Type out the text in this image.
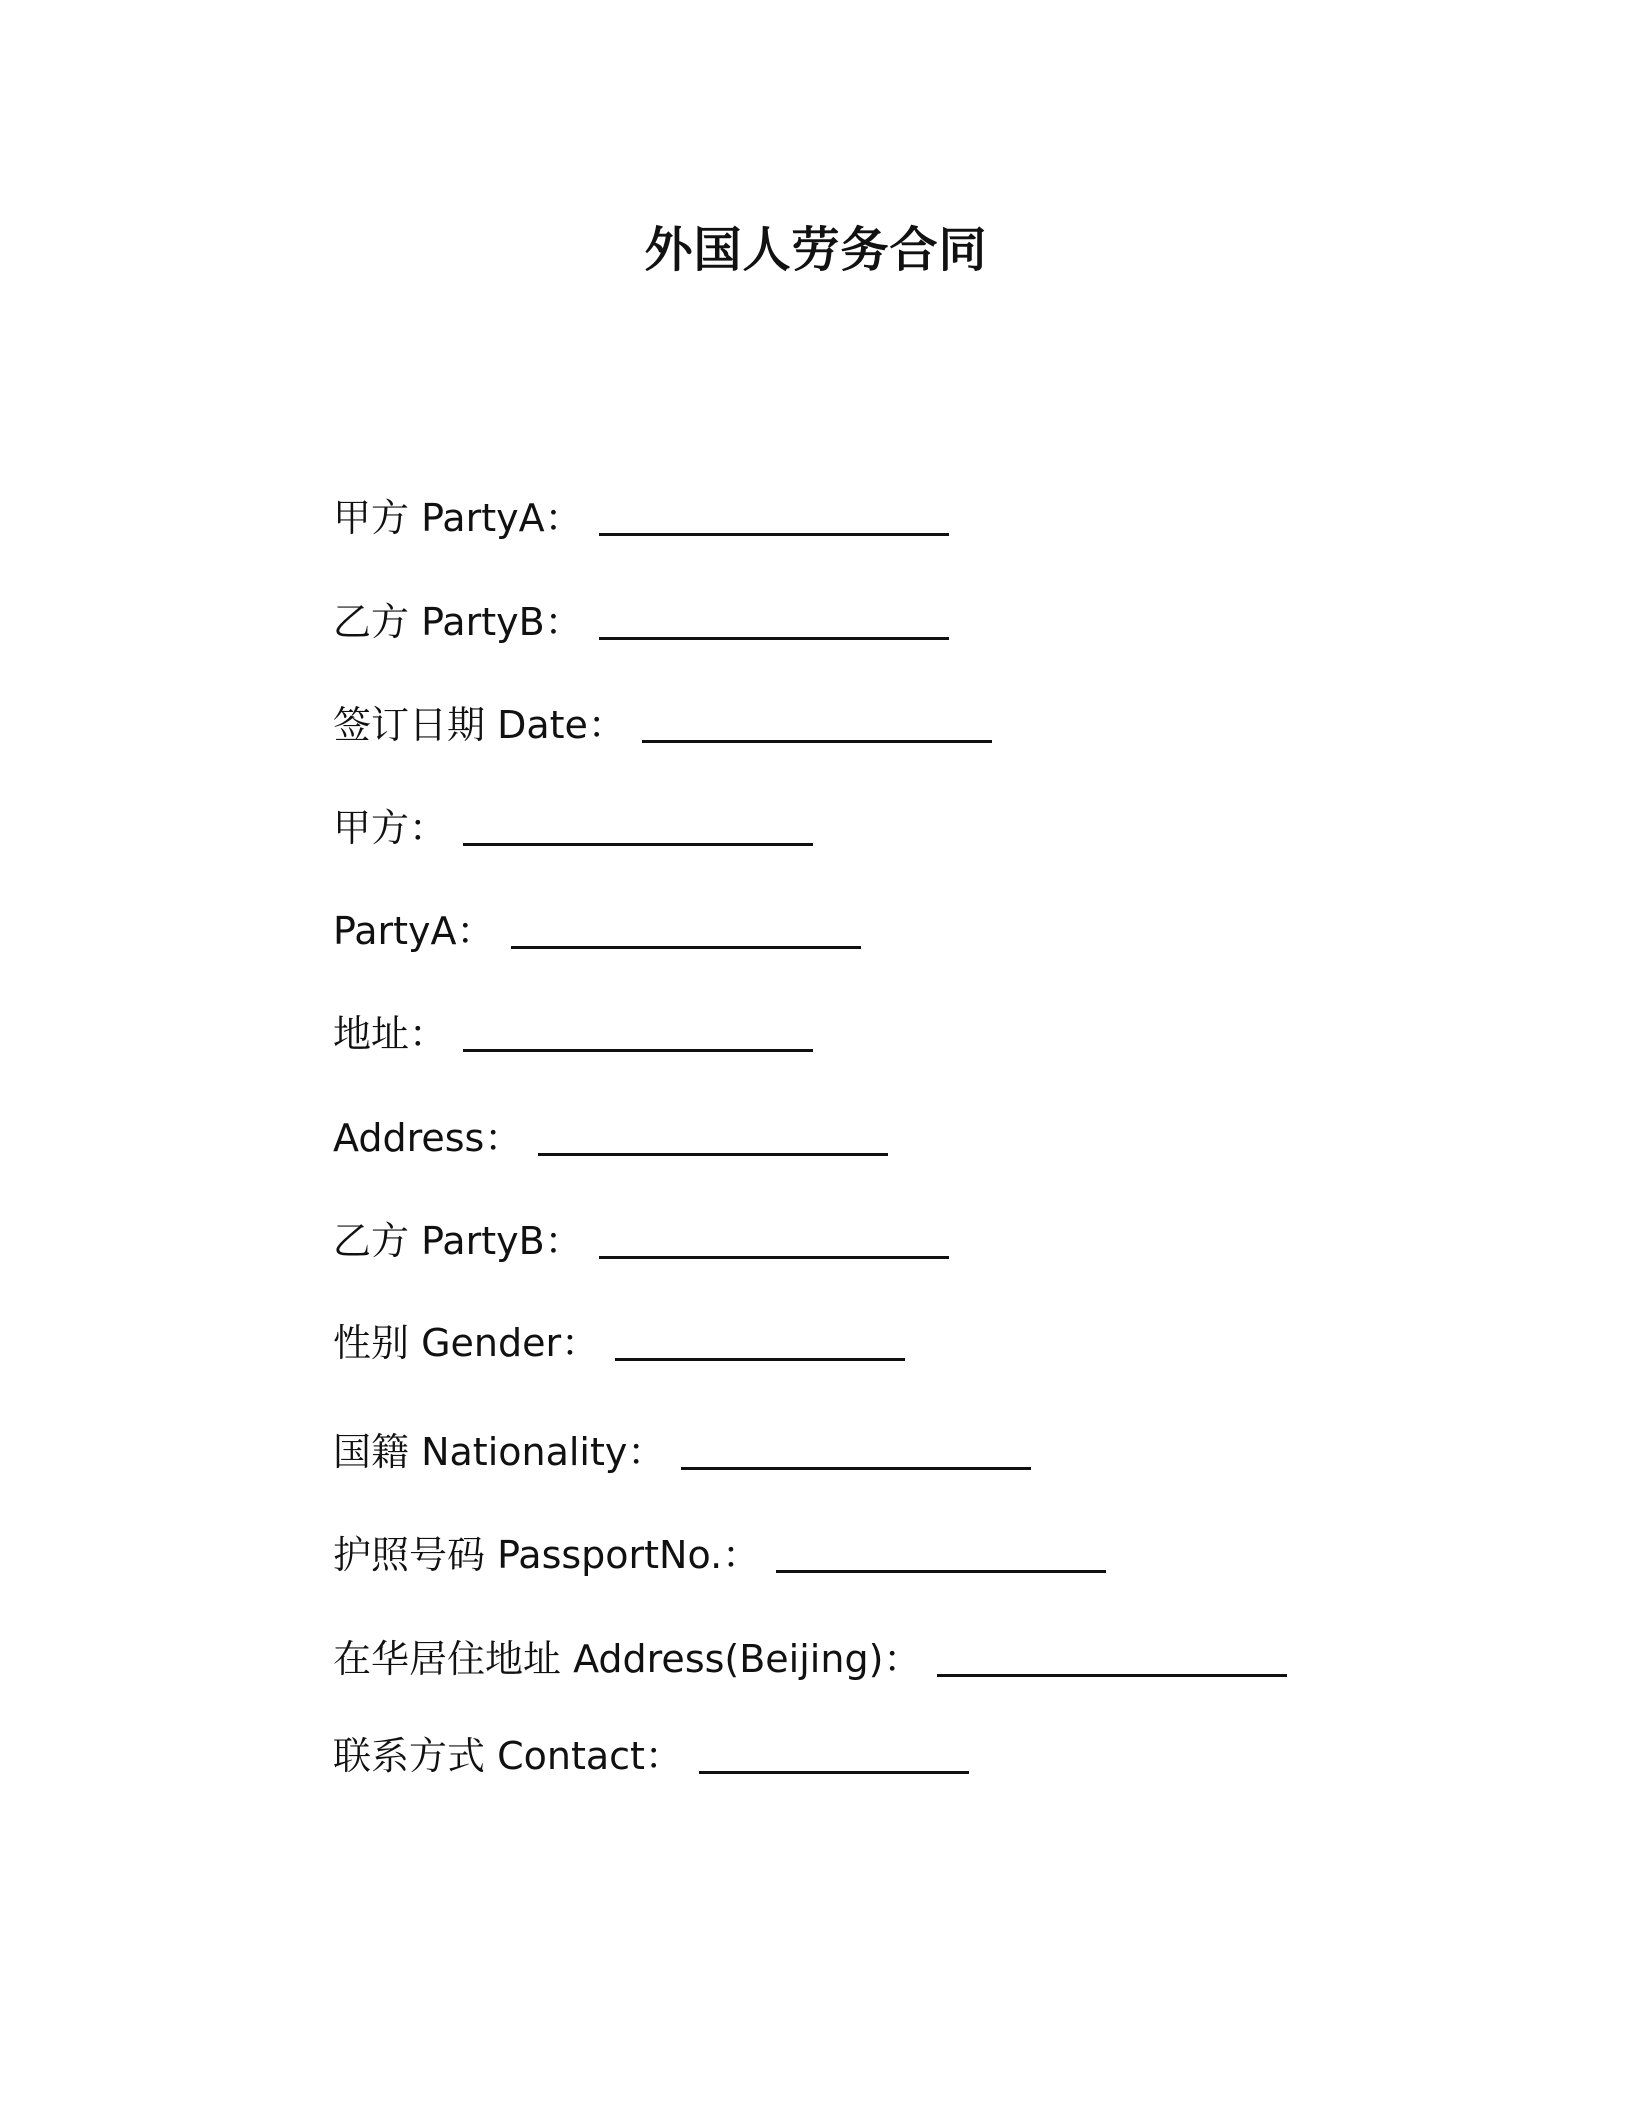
外国人劳务合同
甲方 PartyA：
乙方 PartyB：
签订日期 Date：
甲方：
PartyA：
地址：
Address：
乙方 PartyB：
性别 Gender：
国籍 Nationality：
护照号码 PassportNo.：
在华居住地址 Address(Beijing)：
联系方式 Contact：
